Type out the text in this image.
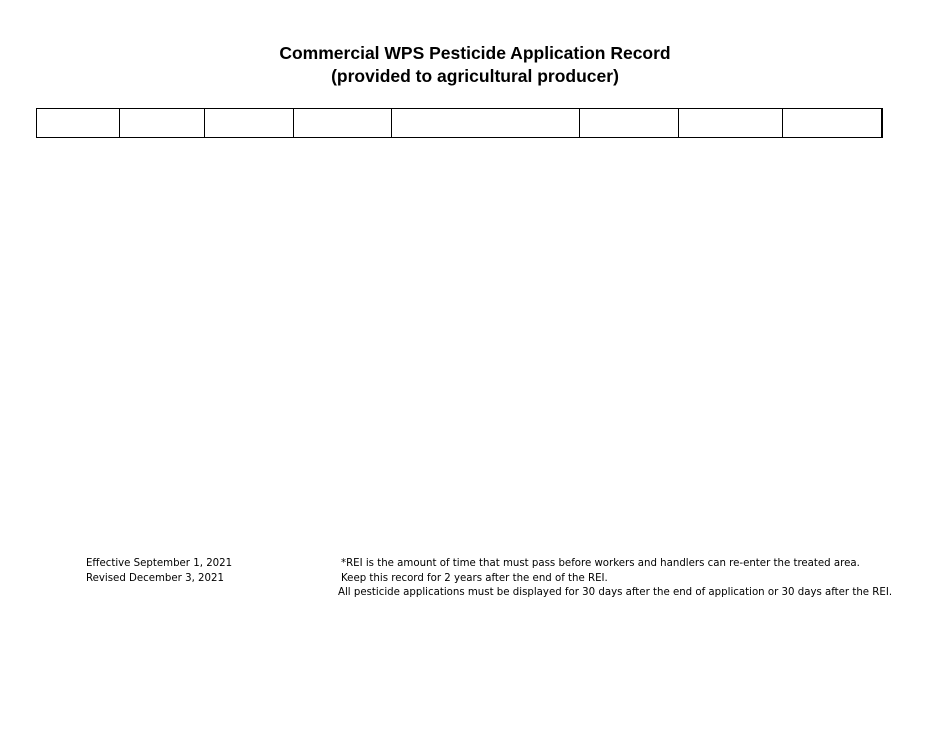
Commercial WPS Pesticide Application Record
(provided to agricultural producer)

Effective September 1, 2021
Revised December 3, 2021
*REI is the amount of time that must pass before workers and handlers can re-enter the treated area.
Keep this record for 2 years after the end of the REI.
All pesticide applications must be displayed for 30 days after the end of application or 30 days after the REI.
